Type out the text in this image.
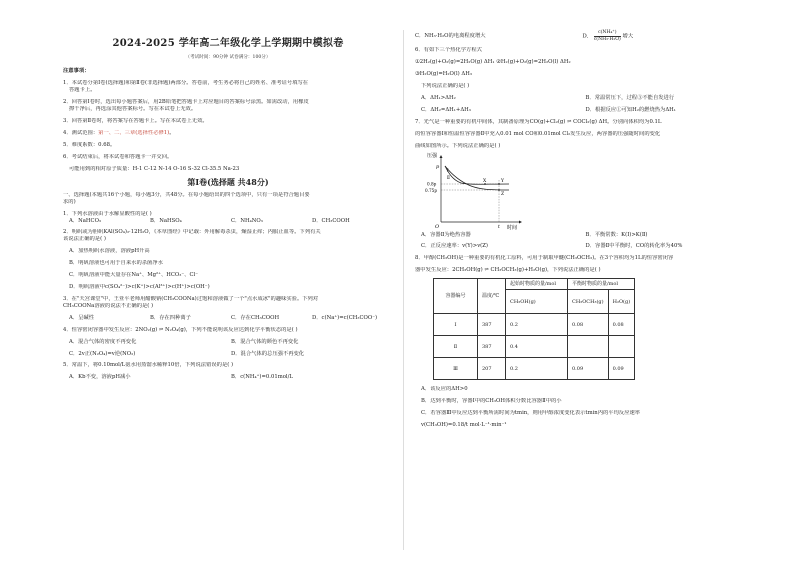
2024-2025 学年高二年级化学上学期期中模拟卷
（考试时间：90分钟 试卷满分：100分）
注意事项：
1．本试卷分第Ⅰ卷(选择题)和第Ⅱ卷(非选择题)两部分。答卷前，考生务必将自己的姓名、准考证号填写在
答题卡上。
2．回答第Ⅰ卷时，选出每小题答案后，用2B铅笔把答题卡上对应题目的答案标号涂黑。如需改动，用橡皮
擦干净后，再选涂其他答案标号。写在本试卷上无效。
3．回答第Ⅱ卷时，将答案写在答题卡上。写在本试卷上无效。
4．测试范围：第一、二、三章(选择性必修1)。
5．难度系数：0.68。
6．考试结束后，将本试卷和答题卡一并交回。
可能用到的相对原子质量：H-1 C-12 N-14 O-16 S-32 Cl-35.5 Na-23
第Ⅰ卷(选择题 共48分)
一、选择题(本题共16个小题，每小题3分，共48分。在每小题给出的四个选项中，只有一项是符合题目要
求的)
1．下列水溶液由于水解显酸性的是( )
A．NaHCO₃	B．NaHSO₄	C．NH₄NO₃	D．CH₃COOH
2．明矾或为胆矾KAl(SO₄)₂·12H₂O，《本草图经》中记载：外用解毒杀虫，燥湿止痒；内服止血等。下列有关
该说法正确的是( )
A．加热明矾水溶液，溶液pH升高
B．明矾溶液也可用于自来水的杀菌净水
C．明矾溶液中能大量存在Na⁺、Mg²⁺、HCO₃⁻、Cl⁻
D．明矾溶液中c(SO₄²⁻)>c(K⁺)>c(Al³⁺)>c(H⁺)>c(OH⁻)
3．在"天宫课堂"中，王亚平老师用醋酸钠(CH₃COONa)过饱和溶液做了一个"点水成冰"的趣味实验。下列对
CH₃COONa溶液的说法不正确的是( )
A．呈碱性	B．存在四种离子	C．存在CH₃COOH	D．c(Na⁺)=c(CH₃COO⁻)
4．恒容密闭容器中发生反应：2NO₂(g) ⇌ N₂O₄(g)，下列不能说明该反应达到化学平衡状态的是( )
A．混合气体的密度不再变化	B．混合气体的颜色不再变化
C．2v正(N₂O₄)=v逆(NO₂)	D．混合气体的总压强不再变化
5．常温下，将0.10mol/L氨水用蒸馏水稀释10倍，下列说法错误的是( )
A．Kb不变，溶液pH减小	B．c(NH₄⁺)=0.01mol/L
C．NH₃·H₂O的电离程度增大	D． $\frac{\text{c(NH₄⁺)}}{\text{c(NH₃·H₂O)}}$ 增大
6．有如下三个热化学方程式
①2H₂(g)+O₂(g)=2H₂O(g) ΔH₁ ②H₂(g)+O₂(g)=2H₂O(l) ΔH₂
③H₂O(g)=H₂O(l) ΔH₃
下列说法正确的是( )
A．ΔH₁>ΔH₂	B．常温常压下，过程③不能自发进行
C．ΔH₂=ΔH₁+ΔH₃	D．根据反应①可知H₂的燃烧热为ΔH₁
7．光气是一种重要的有机中间体，其制备原理为CO(g)+Cl₂(g) ⇌ COCl₂(g) ΔH。分别向体积均为0.1L
的恒容容器Ⅰ和恒温恒容容器Ⅱ中充入0.01 mol CO和0.01mol Cl₂发生反应，两容器的压强随时间的变化
曲线如图所示。下列说法正确的是( )
压强
时间
O
p
0.8p
0.75p
Ⅰ
Ⅱ
X	Y
Z
t
A．容器Ⅱ为绝热容器	B．平衡常数：K(Ⅰ)>K(Ⅱ)
C．正反应速率：v(Y)>v(Z)	D．容器Ⅱ中平衡时，CO的转化率为40%
8．甲醇(CH₃OH)是一种重要的有机化工原料，可用于制取甲醚(CH₃OCH₃)。在3个容积均为1L的恒容密闭容
器中发生反应：2CH₃OH(g) ⇌ CH₃OCH₃(g)+H₂O(g)，下列说法正确的是( )
容器编号	温度/℃	起始时物质的量/mol	平衡时物质的量/mol	
		CH₃OH(g)	CH₃OCH₃(g)	H₂O(g)
Ⅰ	387	0.2	0.08	0.08
Ⅱ	387	0.4		
Ⅲ	207	0.2	0.09	0.09
A．该反应的ΔH>0
B．达到平衡时，容器Ⅰ中的CH₃OH体积分数比容器Ⅱ中的小
C．若容器Ⅲ中反应达到平衡所需时间为tmin，则用甲醇浓度变化表示tmin内的平均反应速率
v(CH₃OH)=0.18/t mol·L⁻¹·min⁻¹
